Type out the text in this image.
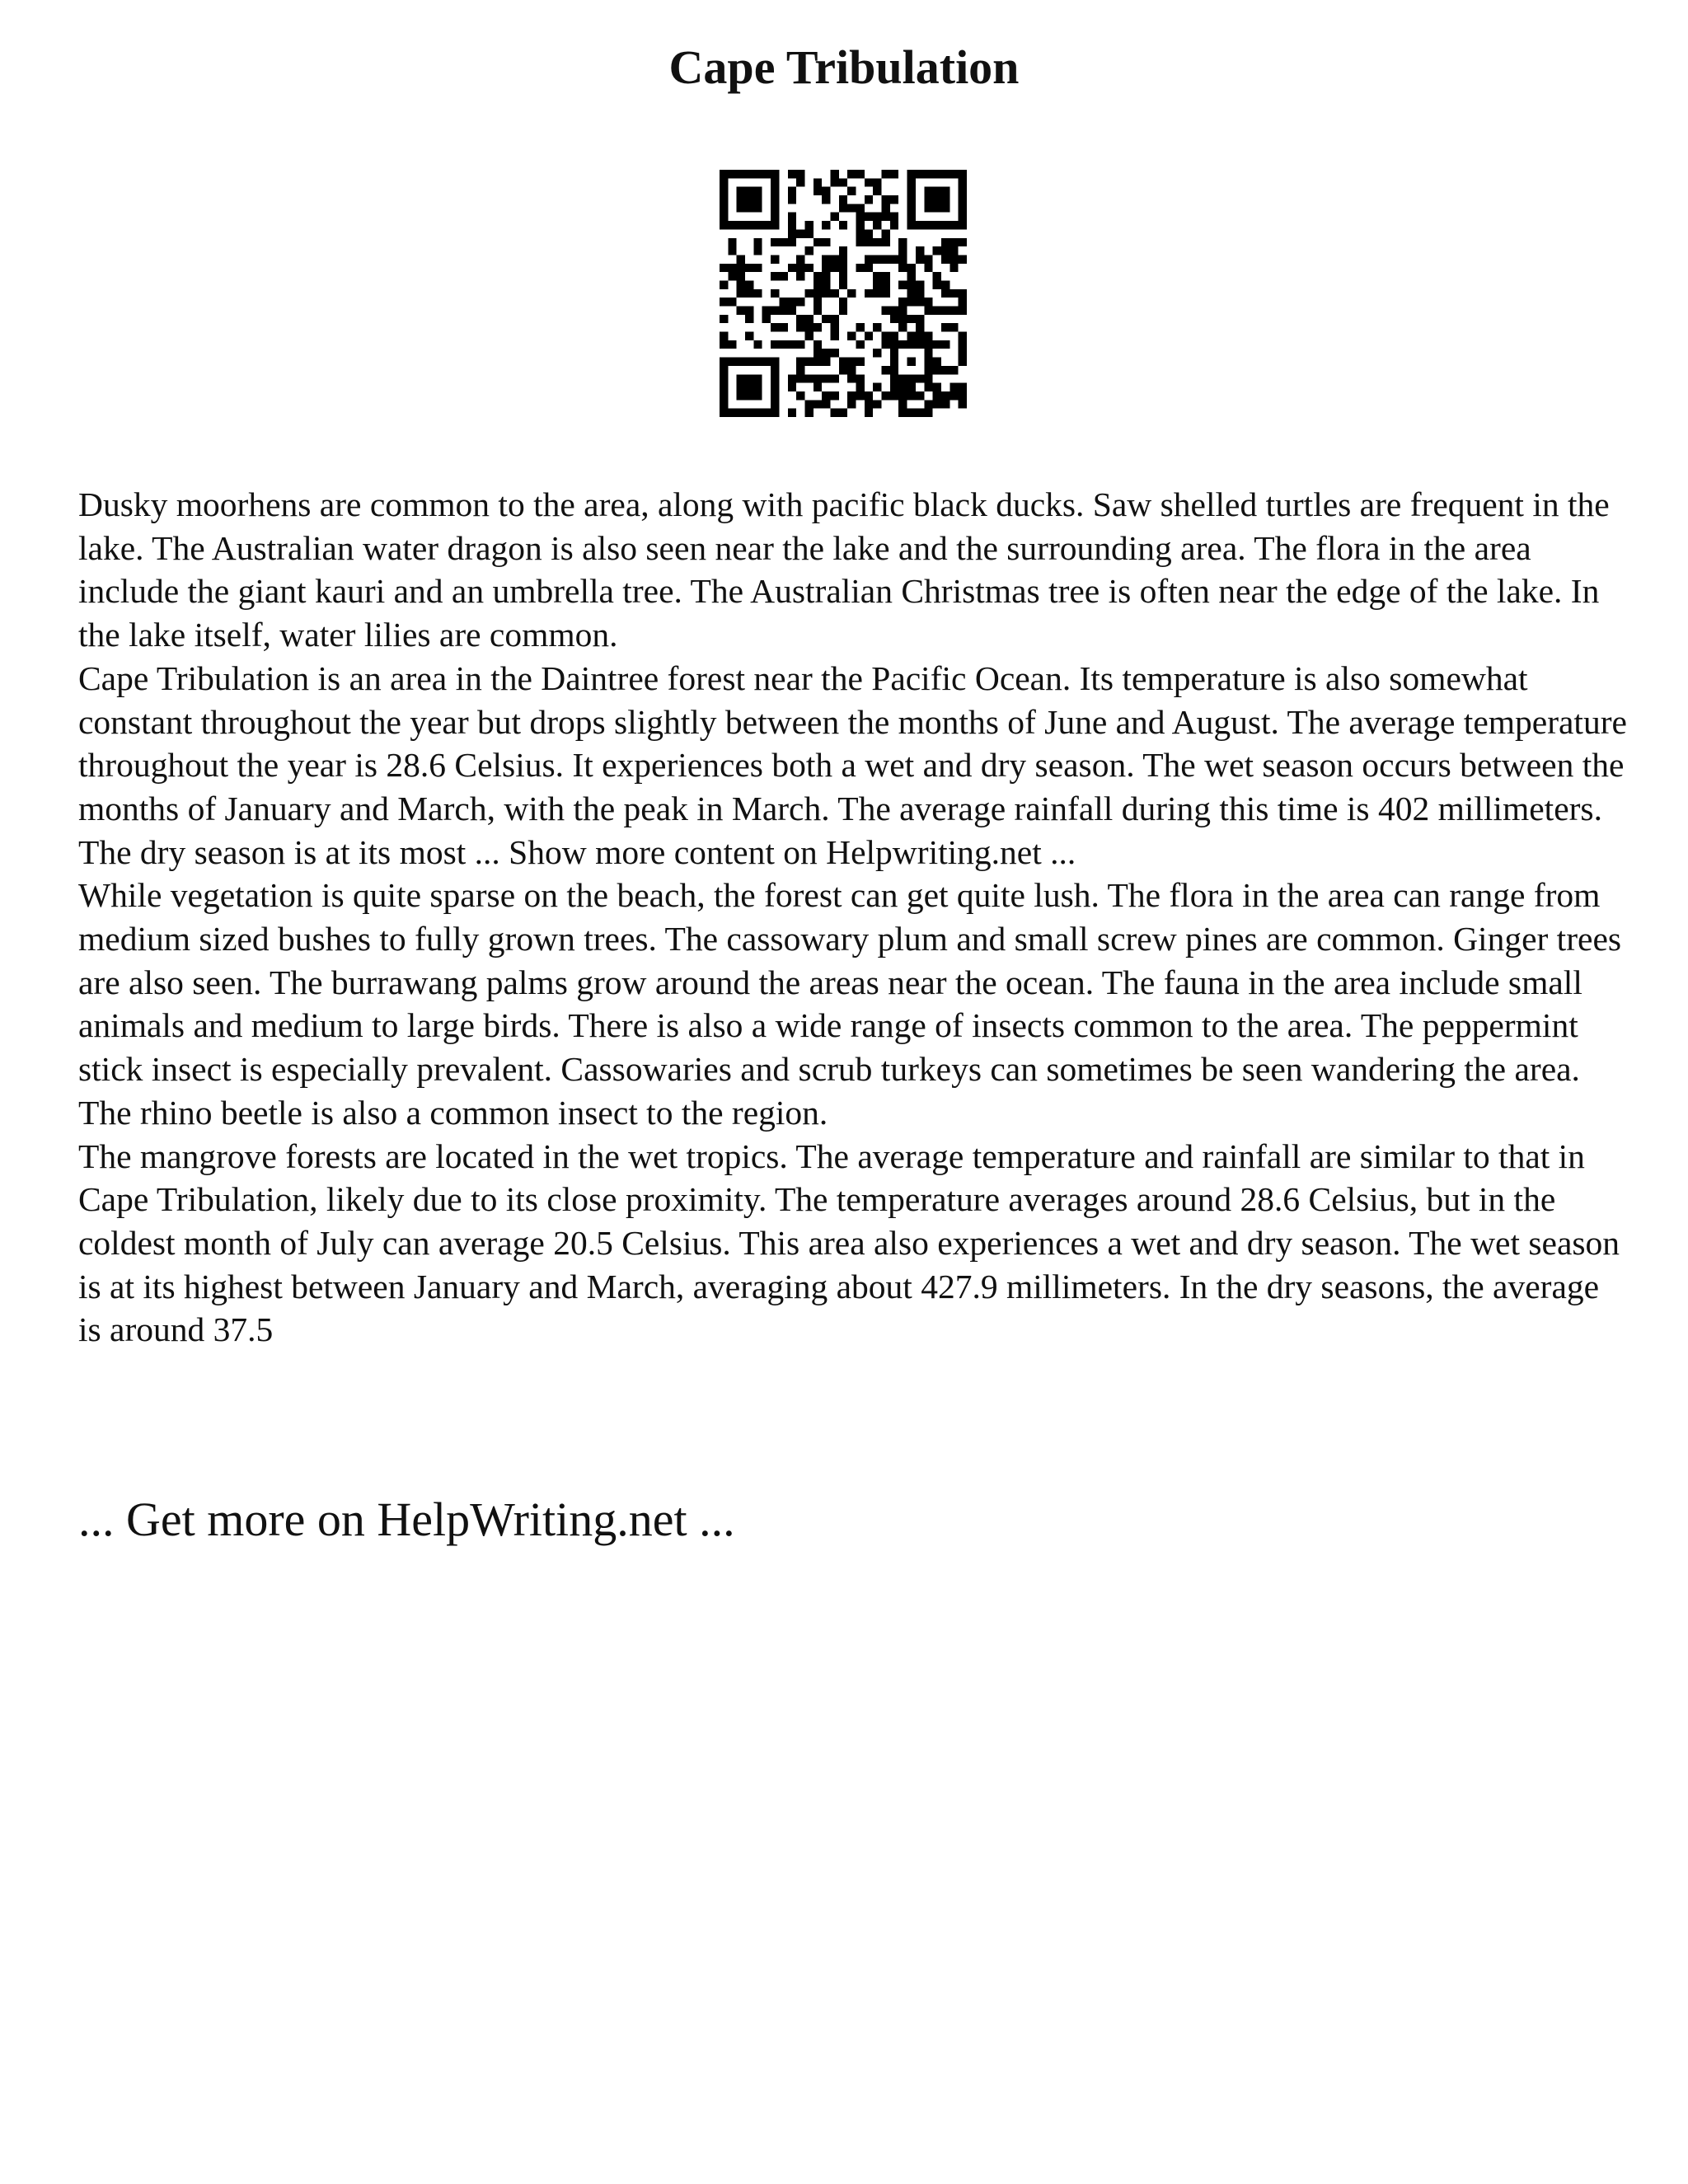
Cape Tribulation

Dusky moorhens are common to the area, along with pacific black ducks. Saw shelled turtles are frequent in the lake. The Australian water dragon is also seen near the lake and the surrounding area. The flora in the area include the giant kauri and an umbrella tree. The Australian Christmas tree is often near the edge of the lake. In the lake itself, water lilies are common.

Cape Tribulation is an area in the Daintree forest near the Pacific Ocean. Its temperature is also somewhat constant throughout the year but drops slightly between the months of June and August. The average temperature throughout the year is 28.6 Celsius. It experiences both a wet and dry season. The wet season occurs between the months of January and March, with the peak in March. The average rainfall during this time is 402 millimeters. The dry season is at its most ... Show more content on Helpwriting.net ...

While vegetation is quite sparse on the beach, the forest can get quite lush. The flora in the area can range from medium sized bushes to fully grown trees. The cassowary plum and small screw pines are common. Ginger trees are also seen. The burrawang palms grow around the areas near the ocean. The fauna in the area include small animals and medium to large birds. There is also a wide range of insects common to the area. The peppermint stick insect is especially prevalent. Cassowaries and scrub turkeys can sometimes be seen wandering the area. The rhino beetle is also a common insect to the region.

The mangrove forests are located in the wet tropics. The average temperature and rainfall are similar to that in Cape Tribulation, likely due to its close proximity. The temperature averages around 28.6 Celsius, but in the coldest month of July can average 20.5 Celsius. This area also experiences a wet and dry season. The wet season is at its highest between January and March, averaging about 427.9 millimeters. In the dry seasons, the average is around 37.5

... Get more on HelpWriting.net ...
